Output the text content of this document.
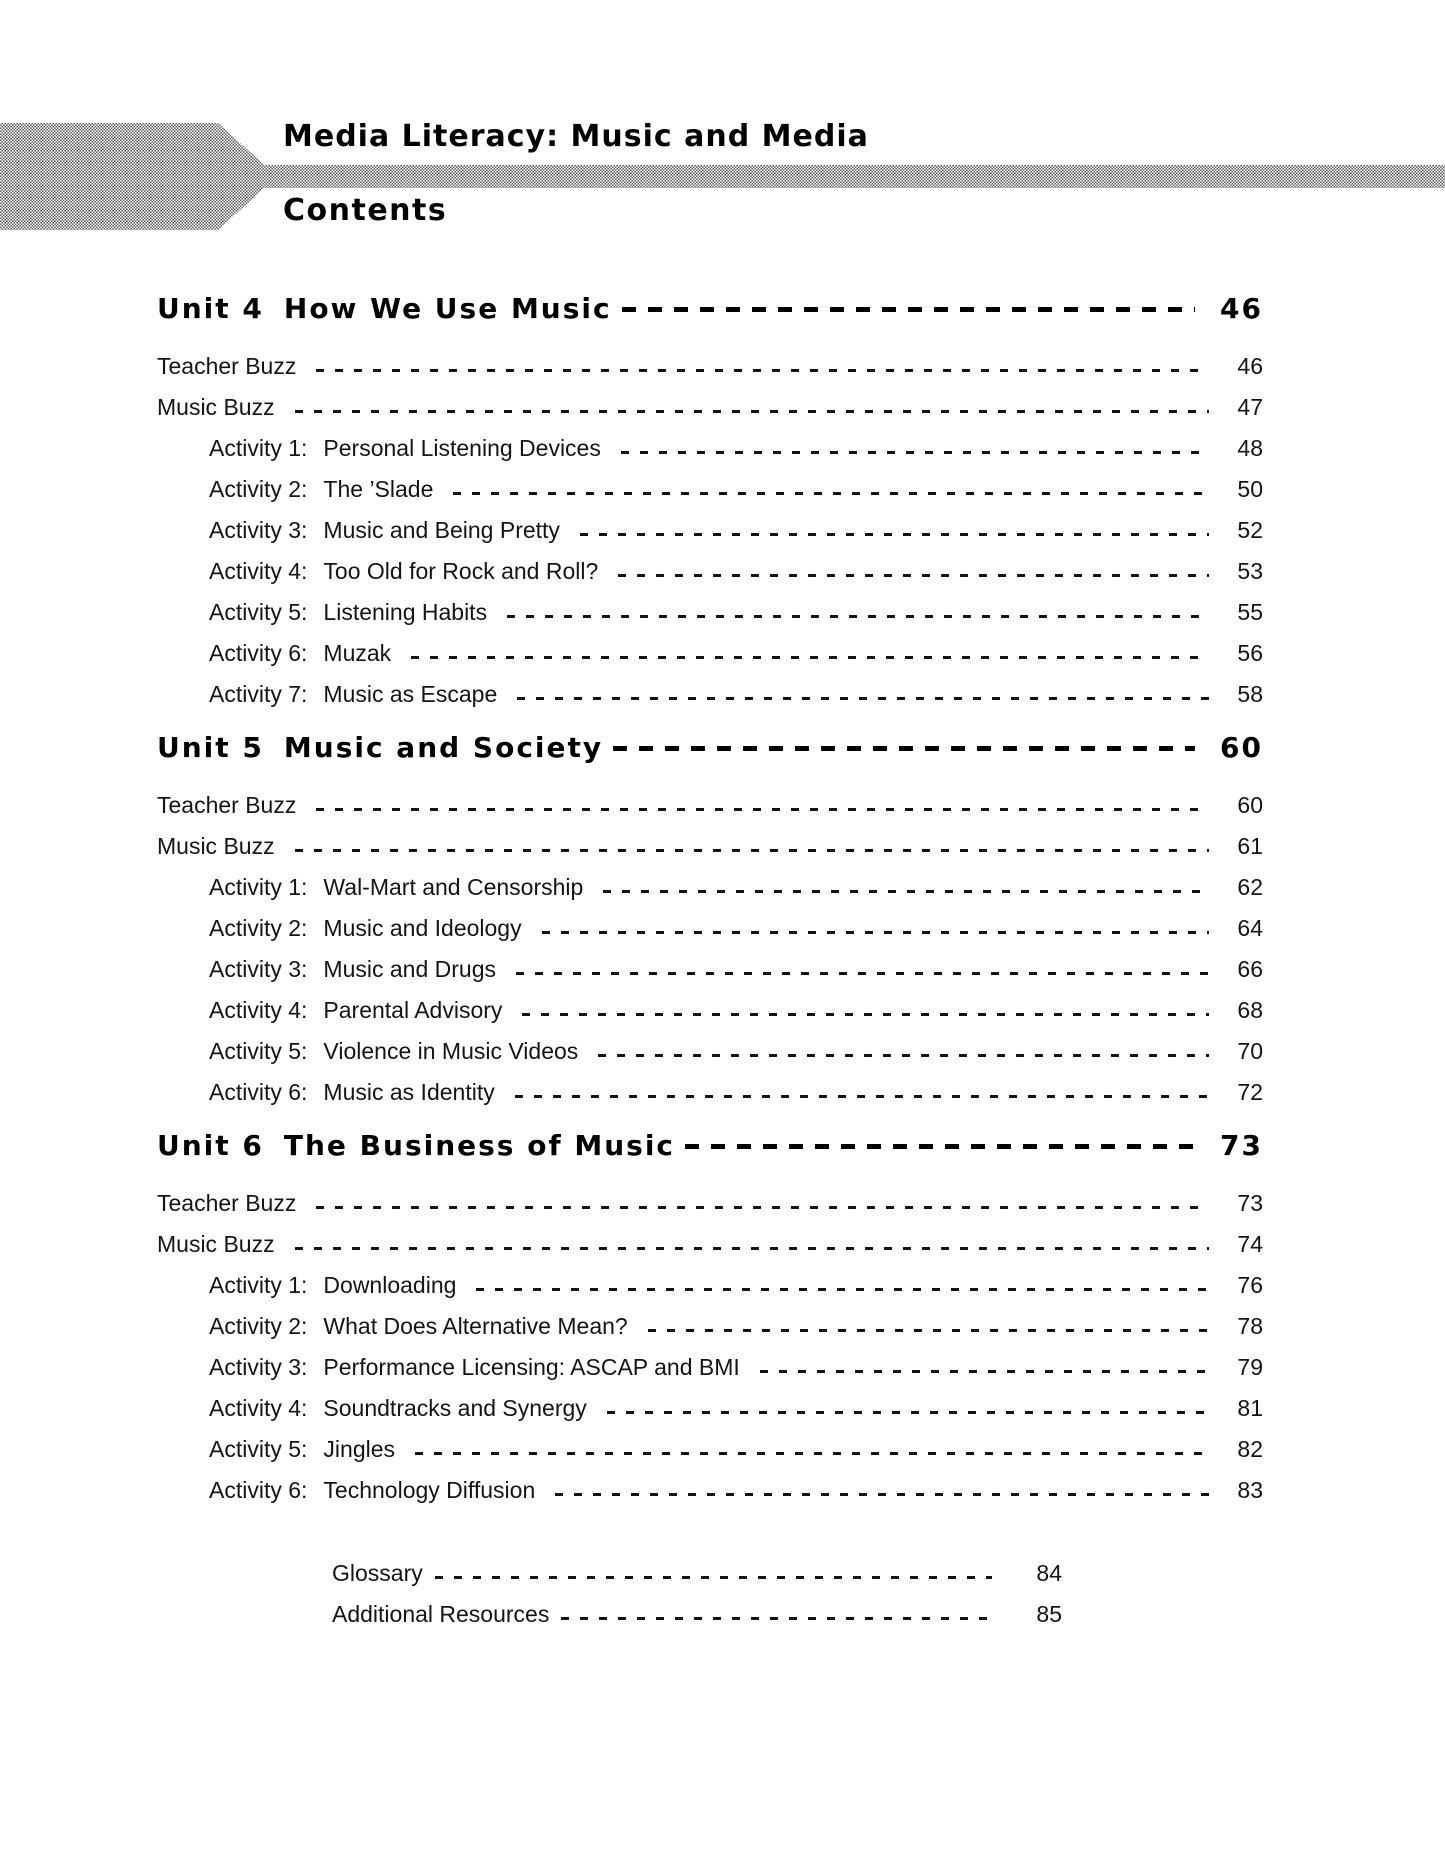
Media Literacy: Music and Media
Contents
Unit 4 How We Use Music	46
Teacher Buzz	46
Music Buzz	47
Activity 1: Personal Listening Devices	48
Activity 2: The ’Slade	50
Activity 3: Music and Being Pretty	52
Activity 4: Too Old for Rock and Roll?	53
Activity 5: Listening Habits	55
Activity 6: Muzak	56
Activity 7: Music as Escape	58
Unit 5 Music and Society	60
Teacher Buzz	60
Music Buzz	61
Activity 1: Wal-Mart and Censorship	62
Activity 2: Music and Ideology	64
Activity 3: Music and Drugs	66
Activity 4: Parental Advisory	68
Activity 5: Violence in Music Videos	70
Activity 6: Music as Identity	72
Unit 6 The Business of Music	73
Teacher Buzz	73
Music Buzz	74
Activity 1: Downloading	76
Activity 2: What Does Alternative Mean?	78
Activity 3: Performance Licensing: ASCAP and BMI	79
Activity 4: Soundtracks and Synergy	81
Activity 5: Jingles	82
Activity 6: Technology Diffusion	83
Glossary	84
Additional Resources	85
